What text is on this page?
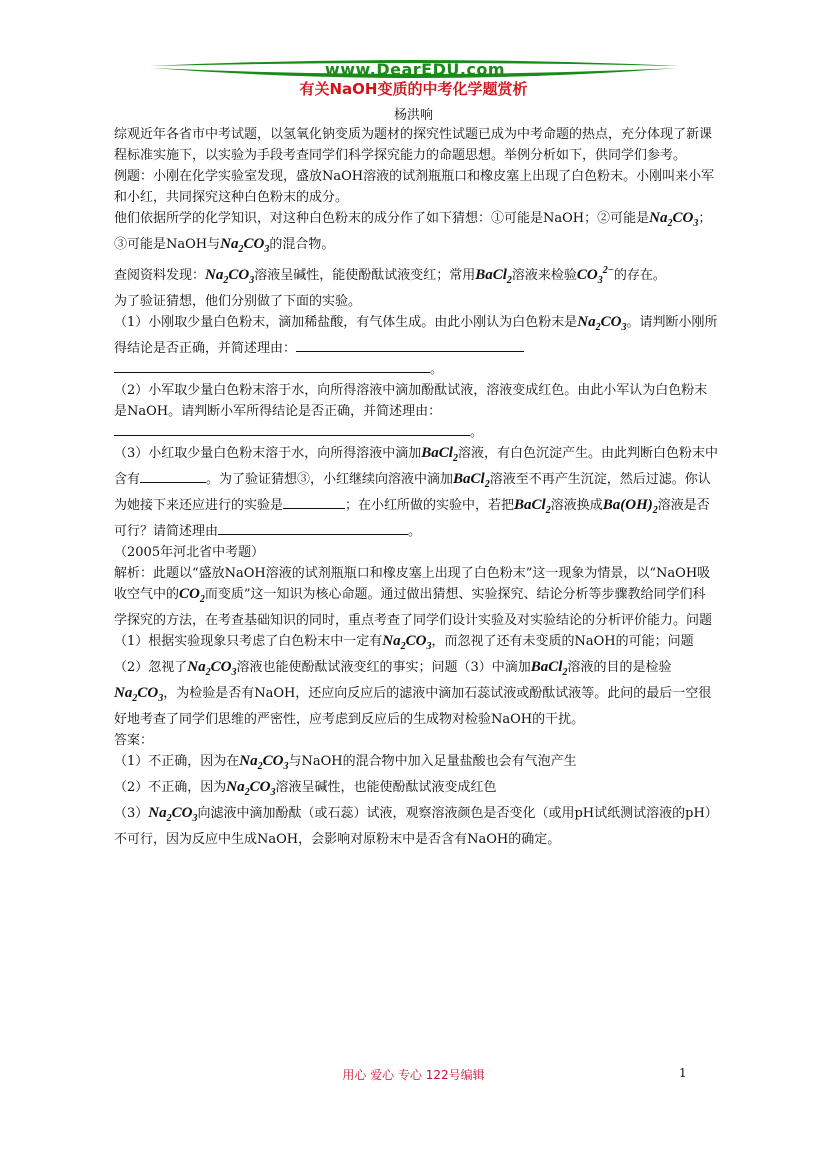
www.DearEDU.com
有关NaOH变质的中考化学题赏析
杨洪响

综观近年各省市中考试题，以氢氧化钠变质为题材的探究性试题已成为中考命题的热点，充分体现了新课程标准实施下，以实验为手段考查同学们科学探究能力的命题思想。举例分析如下，供同学们参考。

例题：小刚在化学实验室发现，盛放NaOH溶液的试剂瓶瓶口和橡皮塞上出现了白色粉末。小刚叫来小军和小红，共同探究这种白色粉末的成分。

他们依据所学的化学知识，对这种白色粉末的成分作了如下猜想：①可能是NaOH；②可能是$Na_2CO_3$；③可能是NaOH与$Na_2CO_3$的混合物。

查阅资料发现：$Na_2CO_3$溶液呈碱性，能使酚酞试液变红；常用BaCl$_2$溶液来检验$CO_3^{2-}$的存在。

为了验证猜想，他们分别做了下面的实验。

（1）小刚取少量白色粉末，滴加稀盐酸，有气体生成。由此小刚认为白色粉末是$Na_2CO_3$。请判断小刚所得结论是否正确，并简述理由：
。

（2）小军取少量白色粉末溶于水，向所得溶液中滴加酚酞试液，溶液变成红色。由此小军认为白色粉末是NaOH。请判断小军所得结论是否正确，并简述理由：
。

（3）小红取少量白色粉末溶于水，向所得溶液中滴加BaCl$_2$溶液，有白色沉淀产生。由此判断白色粉末中含有	。为了验证猜想③，小红继续向溶液中滴加BaCl$_2$溶液至不再产生沉淀，然后过滤。你认为她接下来还应进行的实验是	；在小红所做的实验中，若把BaCl$_2$溶液换成$Ba(OH)_2$溶液是否可行？请简述理由	。

（2005年河北省中考题）

解析：此题以“盛放NaOH溶液的试剂瓶瓶口和橡皮塞上出现了白色粉末”这一现象为情景，以“NaOH吸收空气中的$CO_2$而变质”这一知识为核心命题。通过做出猜想、实验探究、结论分析等步骤教给同学们科学探究的方法，在考查基础知识的同时，重点考查了同学们设计实验及对实验结论的分析评价能力。问题（1）根据实验现象只考虑了白色粉末中一定有$Na_2CO_3$，而忽视了还有未变质的NaOH的可能；问题（2）忽视了$Na_2CO_3$溶液也能使酚酞试液变红的事实；问题（3）中滴加BaCl$_2$溶液的目的是检验$Na_2CO_3$，为检验是否有NaOH，还应向反应后的滤液中滴加石蕊试液或酚酞试液等。此问的最后一空很好地考查了同学们思维的严密性，应考虑到反应后的生成物对检验NaOH的干扰。

答案：

（1）不正确，因为在$Na_2CO_3$与NaOH的混合物中加入足量盐酸也会有气泡产生

（2）不正确，因为$Na_2CO_3$溶液呈碱性，也能使酚酞试液变成红色

$(3)Na_2CO_3$向滤液中滴加酚酞（或石蕊）试液，观察溶液颜色是否变化（或用pH试纸测试溶液的pH）　不可行，因为反应中生成NaOH，会影响对原粉末中是否含有NaOH的确定。

用心 爱心 专心 122号编辑	1
